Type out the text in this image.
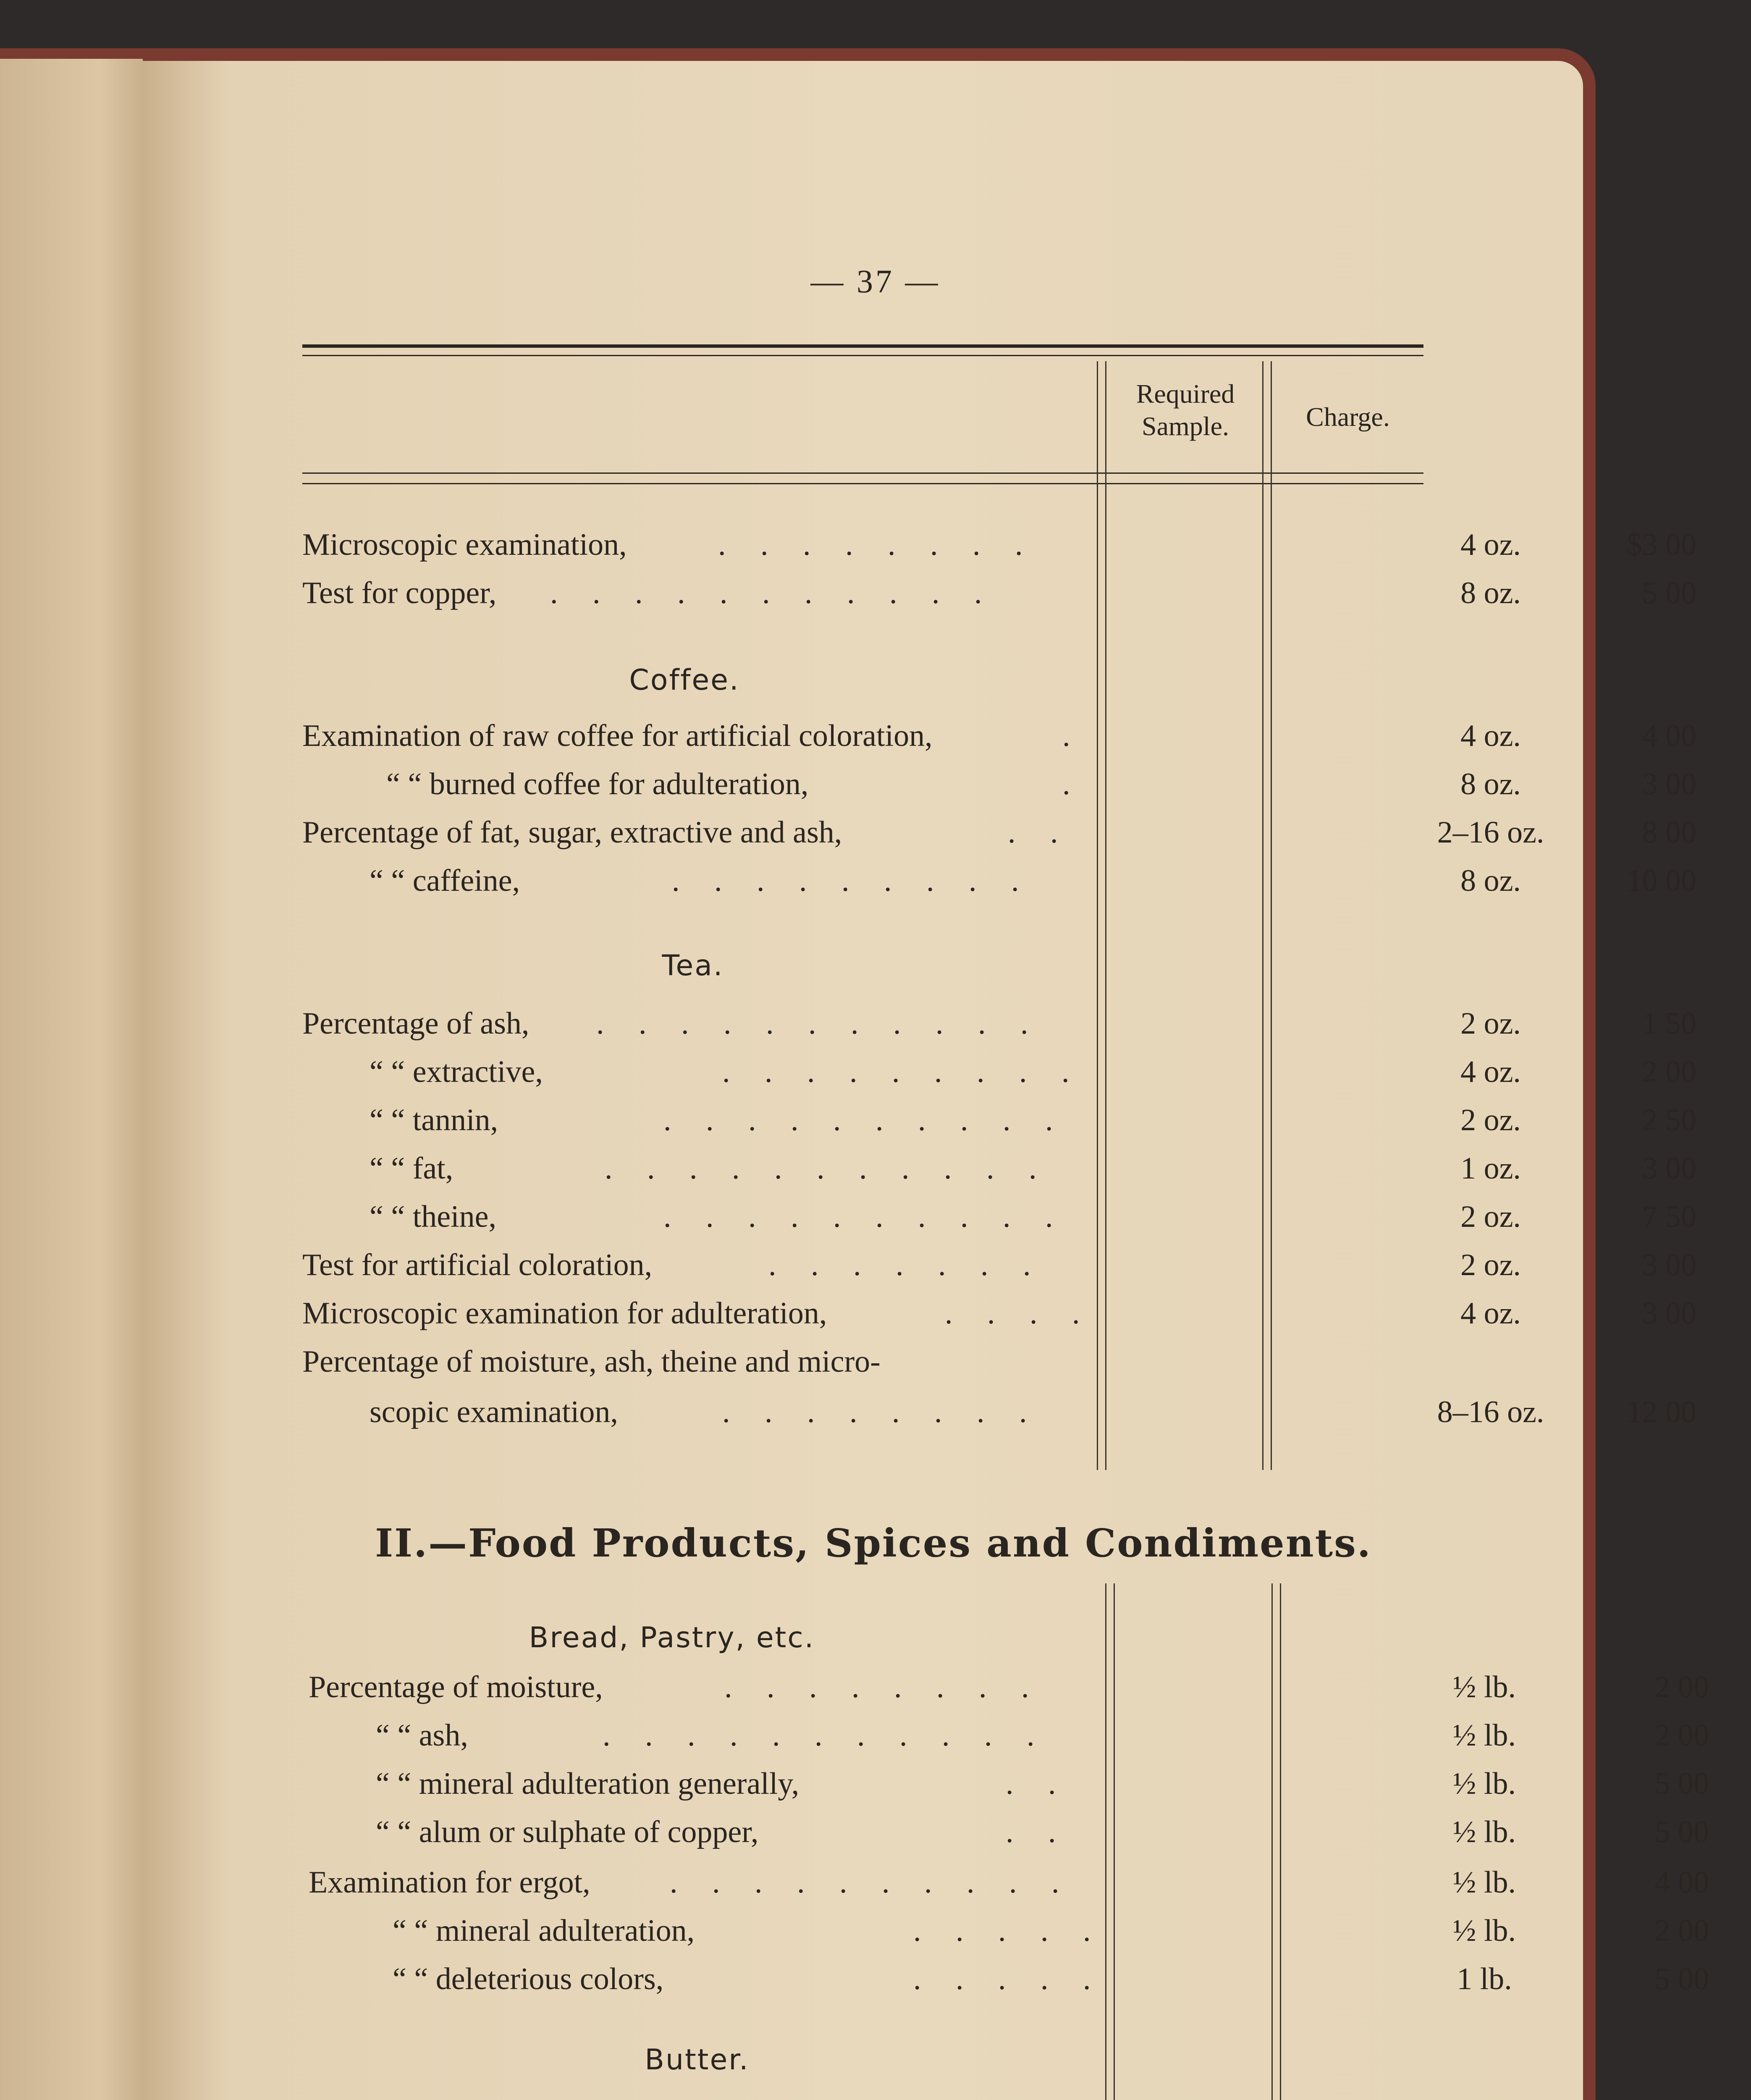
— 37 —
Required Sample.	Charge.
Microscopic examination,	. . . . . . . .	4 oz.	$3 00
Test for copper, . . . . . . . . . . .	8 oz.	5 00
Coffee.
Examination of raw coffee for artificial coloration,	.	4 oz.	4 00
“ “ burned coffee for adulteration,	.	8 oz.	3 00
Percentage of fat, sugar, extractive and ash,	. .	2–16 oz.	8 00
“ “ caffeine,	. . . . . . . . .	8 oz.	10 00
Tea.
Percentage of ash, . . . . . . . . . . .	2 oz.	1 50
“ “ extractive,	. . . . . . . . .	4 oz.	2 00
“ “ tannin,	. . . . . . . . . .	2 oz.	2 50
“ “ fat,	. . . . . . . . . . .	1 oz.	3 00
“ “ theine,	. . . . . . . . . .	2 oz.	7 50
Test for artificial coloration,	. . . . . . .	2 oz.	3 00
Microscopic examination for adulteration,	. . . .	4 oz.	3 00
Percentage of moisture, ash, theine and micro-
scopic examination,	. . . . . . . .	8–16 oz.	12 00
II.—Food Products, Spices and Condiments.
Bread, Pastry, etc.
Percentage of moisture,	. . . . . . . .	½ lb.	2 00
“ “ ash,	. . . . . . . . . . .	½ lb.	2 00
“ “ mineral adulteration generally,	. .	½ lb.	5 00
“ “ alum or sulphate of copper,	. .	½ lb.	5 00
Examination for ergot,	. . . . . . . . . .	½ lb.	4 00
“ “ mineral adulteration,	. . . . .	½ lb.	2 00
“ “ deleterious colors,	. . . . .	1 lb.	5 00
Butter.
